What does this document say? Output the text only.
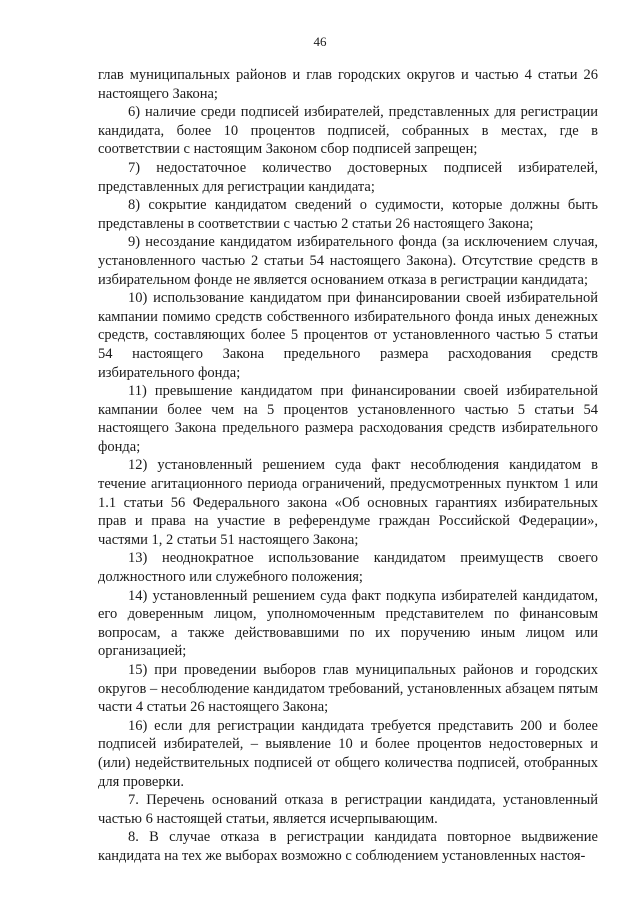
46

глав муниципальных районов и глав городских округов и частью 4 статьи 26 настоящего Закона;

6) наличие среди подписей избирателей, представленных для регистрации кандидата, более 10 процентов подписей, собранных в местах, где в соответствии с настоящим Законом сбор подписей запрещен;

7) недостаточное количество достоверных подписей избирателей, представленных для регистрации кандидата;

8) сокрытие кандидатом сведений о судимости, которые должны быть представлены в соответствии с частью 2 статьи 26 настоящего Закона;

9) несоздание кандидатом избирательного фонда (за исключением случая, установленного частью 2 статьи 54 настоящего Закона). Отсутствие средств в избирательном фонде не является основанием отказа в регистрации кандидата;

10) использование кандидатом при финансировании своей избирательной кампании помимо средств собственного избирательного фонда иных денежных средств, составляющих более 5 процентов от установленного частью 5 статьи 54 настоящего Закона предельного размера расходования средств избирательного фонда;

11) превышение кандидатом при финансировании своей избирательной кампании более чем на 5 процентов установленного частью 5 статьи 54 настоящего Закона предельного размера расходования средств избирательного фонда;

12) установленный решением суда факт несоблюдения кандидатом в течение агитационного периода ограничений, предусмотренных пунктом 1 или 1.1 статьи 56 Федерального закона «Об основных гарантиях избирательных прав и права на участие в референдуме граждан Российской Федерации», частями 1, 2 статьи 51 настоящего Закона;

13) неоднократное использование кандидатом преимуществ своего должностного или служебного положения;

14) установленный решением суда факт подкупа избирателей кандидатом, его доверенным лицом, уполномоченным представителем по финансовым вопросам, а также действовавшими по их поручению иным лицом или организацией;

15) при проведении выборов глав муниципальных районов и городских округов – несоблюдение кандидатом требований, установленных абзацем пятым части 4 статьи 26 настоящего Закона;

16) если для регистрации кандидата требуется представить 200 и более подписей избирателей, – выявление 10 и более процентов недостоверных и (или) недействительных подписей от общего количества подписей, отобранных для проверки.

7. Перечень оснований отказа в регистрации кандидата, установленный частью 6 настоящей статьи, является исчерпывающим.

8. В случае отказа в регистрации кандидата повторное выдвижение кандидата на тех же выборах возможно с соблюдением установленных настоя-
